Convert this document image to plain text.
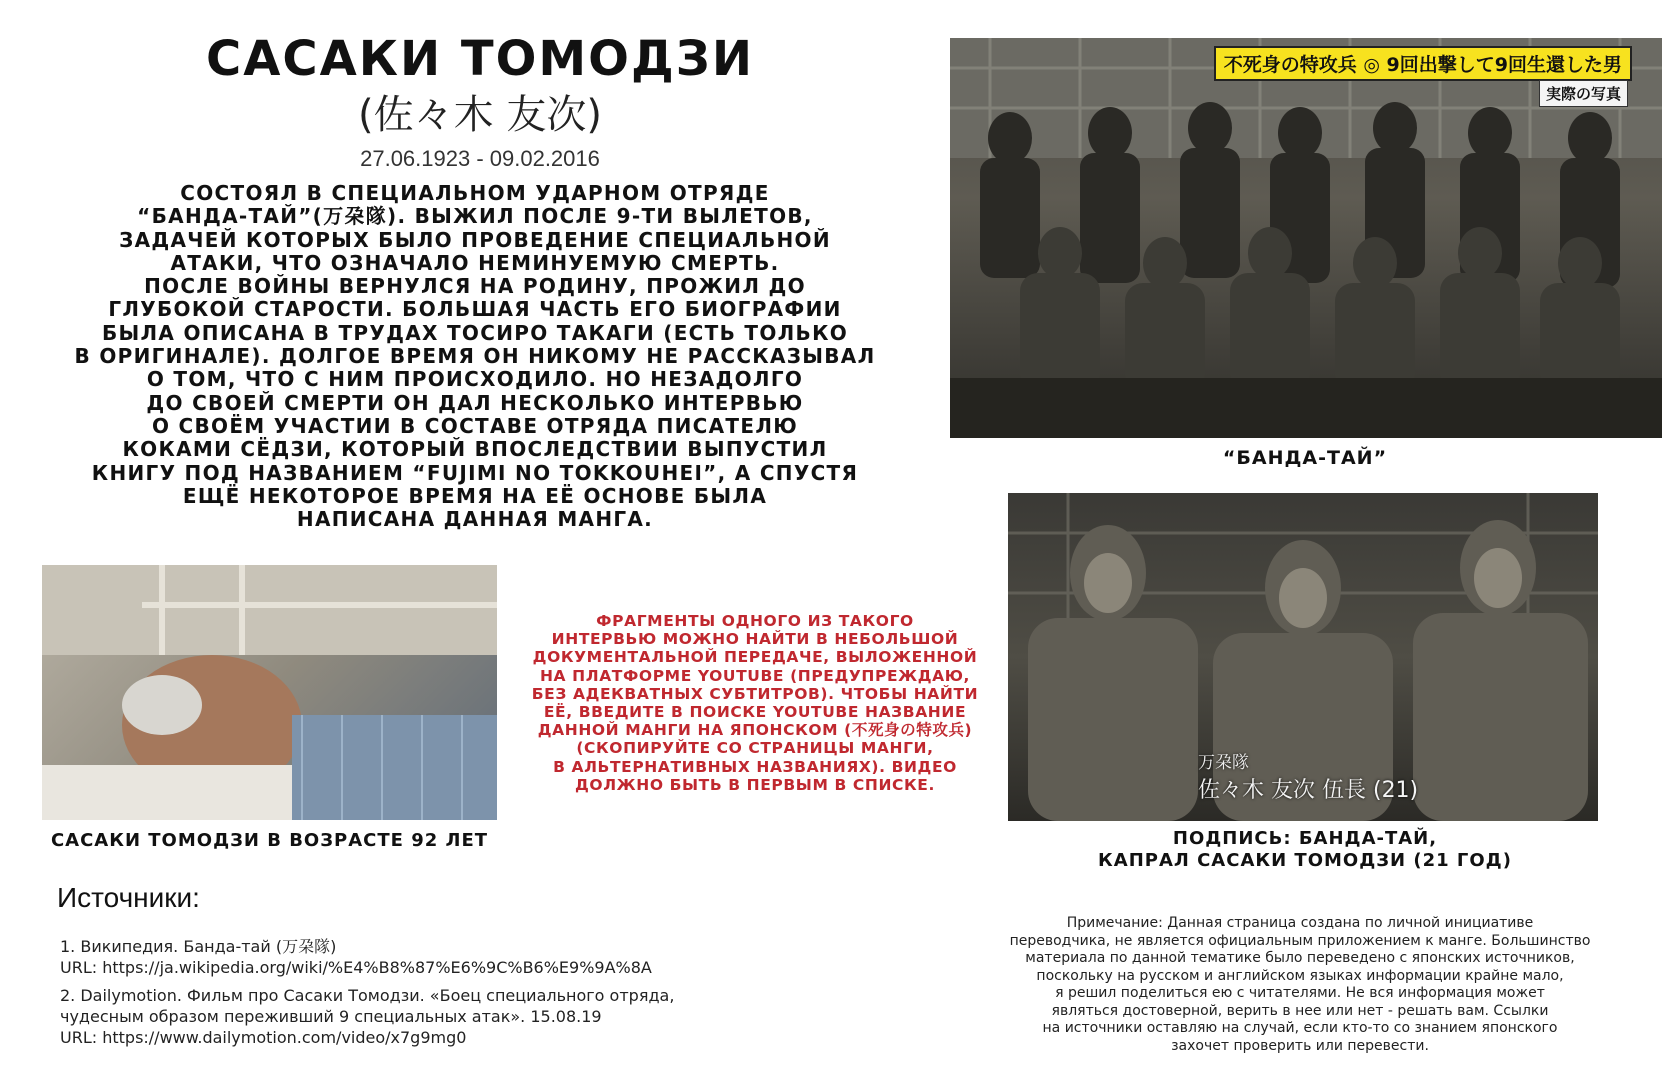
САСАКИ ТОМОДЗИ
(佐々木 友次)
27.06.1923 - 09.02.2016
СОСТОЯЛ В СПЕЦИАЛЬНОМ УДАРНОМ ОТРЯДЕ
“БАНДА-ТАЙ”(万朶隊). ВЫЖИЛ ПОСЛЕ 9-ТИ ВЫЛЕТОВ,
ЗАДАЧЕЙ КОТОРЫХ БЫЛО ПРОВЕДЕНИЕ СПЕЦИАЛЬНОЙ
АТАКИ, ЧТО ОЗНАЧАЛО НЕМИНУЕМУЮ СМЕРТЬ.
ПОСЛЕ ВОЙНЫ ВЕРНУЛСЯ НА РОДИНУ, ПРОЖИЛ ДО
ГЛУБОКОЙ СТАРОСТИ. БОЛЬШАЯ ЧАСТЬ ЕГО БИОГРАФИИ
БЫЛА ОПИСАНА В ТРУДАХ ТОСИРО ТАКАГИ (ЕСТЬ ТОЛЬКО
В ОРИГИНАЛЕ). ДОЛГОЕ ВРЕМЯ ОН НИКОМУ НЕ РАССКАЗЫВАЛ
О ТОМ, ЧТО С НИМ ПРОИСХОДИЛО. НО НЕЗАДОЛГО
ДО СВОЕЙ СМЕРТИ ОН ДАЛ НЕСКОЛЬКО ИНТЕРВЬЮ
О СВОЁМ УЧАСТИИ В СОСТАВЕ ОТРЯДА ПИСАТЕЛЮ
КОКАМИ СЁДЗИ, КОТОРЫЙ ВПОСЛЕДСТВИИ ВЫПУСТИЛ
КНИГУ ПОД НАЗВАНИЕМ “FUJIMI NO TOKKOUHEI”, А СПУСТЯ
ЕЩЁ НЕКОТОРОЕ ВРЕМЯ НА ЕЁ ОСНОВЕ БЫЛА
НАПИСАНА ДАННАЯ МАНГА.
不死身の特攻兵 ◎ 9回出撃して9回生還した男
実際の写真
“БАНДА-ТАЙ”
САСАКИ ТОМОДЗИ В ВОЗРАСТЕ 92 ЛЕТ
ФРАГМЕНТЫ ОДНОГО ИЗ ТАКОГО
ИНТЕРВЬЮ МОЖНО НАЙТИ В НЕБОЛЬШОЙ
ДОКУМЕНТАЛЬНОЙ ПЕРЕДАЧЕ, ВЫЛОЖЕННОЙ
НА ПЛАТФОРМЕ YOUTUBE (ПРЕДУПРЕЖДАЮ,
БЕЗ АДЕКВАТНЫХ СУБТИТРОВ). ЧТОБЫ НАЙТИ
ЕЁ, ВВЕДИТЕ В ПОИСКЕ YOUTUBE НАЗВАНИЕ
ДАННОЙ МАНГИ НА ЯПОНСКОМ (不死身の特攻兵)
(СКОПИРУЙТЕ СО СТРАНИЦЫ МАНГИ,
В АЛЬТЕРНАТИВНЫХ НАЗВАНИЯХ). ВИДЕО
ДОЛЖНО БЫТЬ В ПЕРВЫМ В СПИСКЕ.
万朶隊
佐々木 友次 伍長 (21)
ПОДПИСЬ: БАНДА-ТАЙ,
КАПРАЛ САСАКИ ТОМОДЗИ (21 ГОД)
Источники:
1. Википедия. Банда-тай (万朶隊)
URL: https://ja.wikipedia.org/wiki/%E4%B8%87%E6%9C%B6%E9%9A%8A
2. Dailymotion. Фильм про Сасаки Томодзи. «Боец специального отряда,
чудесным образом переживший 9 специальных атак». 15.08.19
URL: https://www.dailymotion.com/video/x7g9mg0
Примечание: Данная страница создана по личной инициативе
переводчика, не является официальным приложением к манге. Большинство
материала по данной тематике было переведено с японских источников,
поскольку на русском и английском языках информации крайне мало,
я решил поделиться ею с читателями. Не вся информация может
являться достоверной, верить в нее или нет - решать вам. Ссылки
на источники оставляю на случай, если кто-то со знанием японского
захочет проверить или перевести.
